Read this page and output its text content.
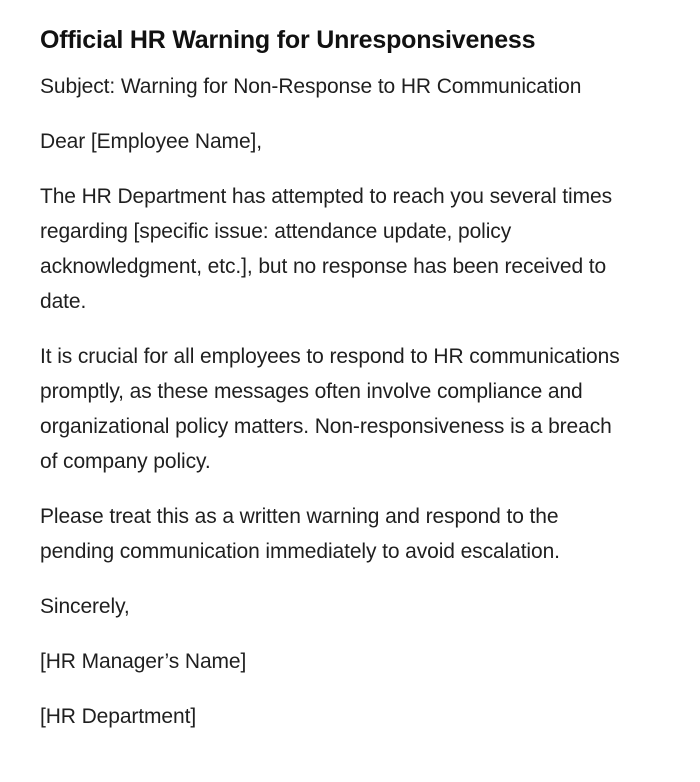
Official HR Warning for Unresponsiveness

Subject: Warning for Non-Response to HR Communication

Dear [Employee Name],

The HR Department has attempted to reach you several times regarding [specific issue: attendance update, policy acknowledgment, etc.], but no response has been received to date.

It is crucial for all employees to respond to HR communications promptly, as these messages often involve compliance and organizational policy matters. Non-responsiveness is a breach of company policy.

Please treat this as a written warning and respond to the pending communication immediately to avoid escalation.

Sincerely,

[HR Manager’s Name]

[HR Department]
